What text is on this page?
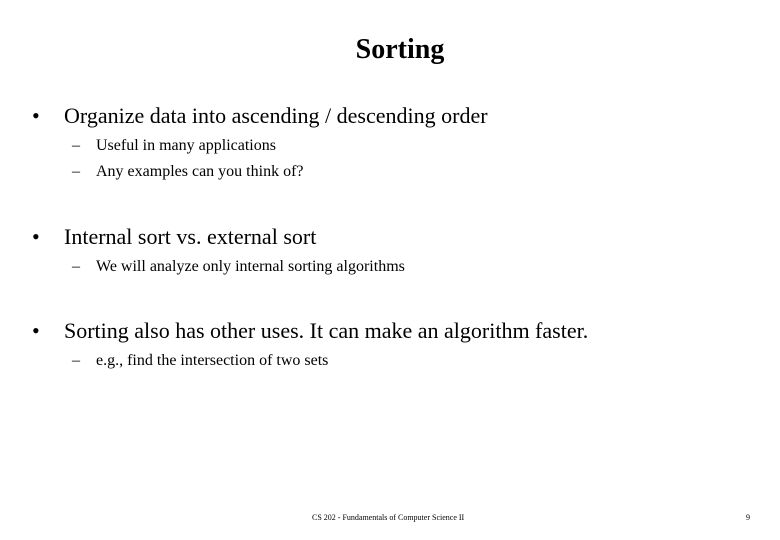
Sorting
• Organize data into ascending / descending order
– Useful in many applications
– Any examples can you think of?
• Internal sort vs. external sort
– We will analyze only internal sorting algorithms
• Sorting also has other uses. It can make an algorithm faster.
– e.g., find the intersection of two sets
CS 202 - Fundamentals of Computer Science II	9
